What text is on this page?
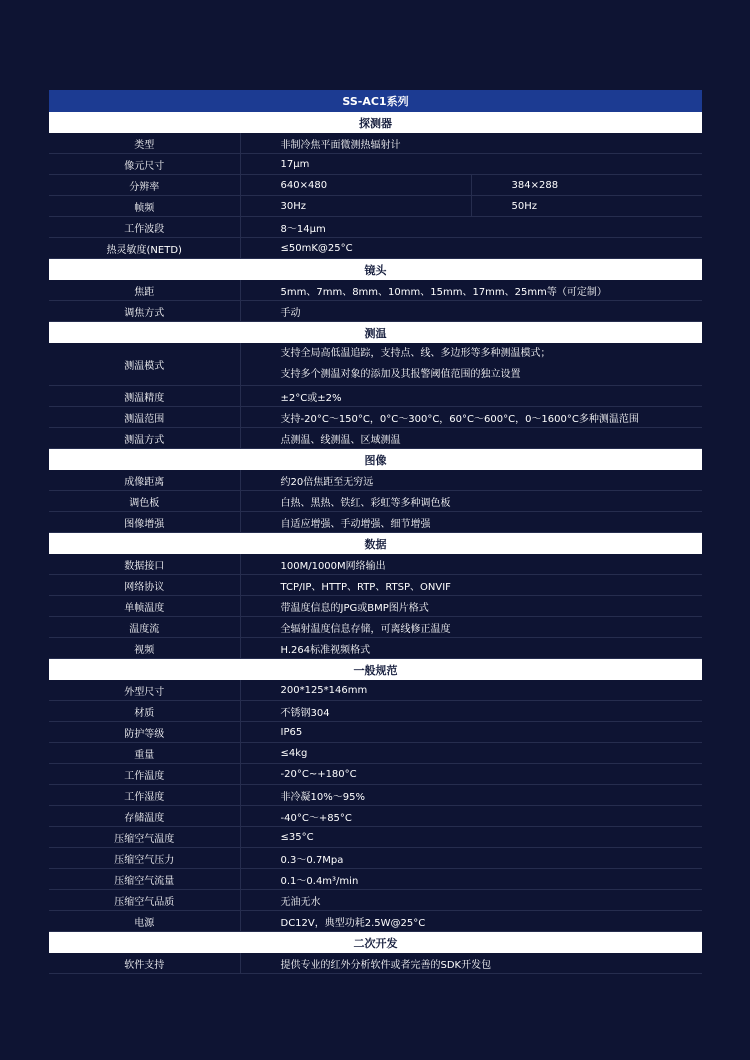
SS-AC1系列		
探测器		
类型	非制冷焦平面微测热辐射计	
像元尺寸	17μm	
分辨率	640×480	384×288
帧频	30Hz	50Hz
工作波段	8～14μm	
热灵敏度(NETD)	≤50mK@25°C	
镜头		
焦距	5mm、7mm、8mm、10mm、15mm、17mm、25mm等（可定制）	
调焦方式	手动	
测温		
测温模式	支持全局高低温追踪，支持点、线、多边形等多种测温模式；
支持多个测温对象的添加及其报警阈值范围的独立设置	

测温精度	±2°C或±2%	
测温范围	支持-20°C～150°C，0°C～300°C，60°C～600°C，0～1600°C多种测温范围	
测温方式	点测温、线测温、区域测温	
图像		
成像距离	约20倍焦距至无穷远	
调色板	白热、黑热、铁红、彩虹等多种调色板	
图像增强	自适应增强、手动增强、细节增强	
数据		
数据接口	100M/1000M网络输出	
网络协议	TCP/IP、HTTP、RTP、RTSP、ONVIF	
单帧温度	带温度信息的JPG或BMP图片格式	
温度流	全辐射温度信息存储，可离线修正温度	
视频	H.264标准视频格式	
一般规范		
外型尺寸	200*125*146mm	
材质	不锈钢304	
防护等级	IP65	
重量	≤4kg	
工作温度	-20°C~+180°C	
工作湿度	非冷凝10%～95%	
存储温度	-40°C～+85°C	
压缩空气温度	≤35°C	
压缩空气压力	0.3～0.7Mpa	
压缩空气流量	0.1～0.4m³/min	
压缩空气品质	无油无水	
电源	DC12V，典型功耗2.5W@25°C	
二次开发		
软件支持	提供专业的红外分析软件或者完善的SDK开发包	
